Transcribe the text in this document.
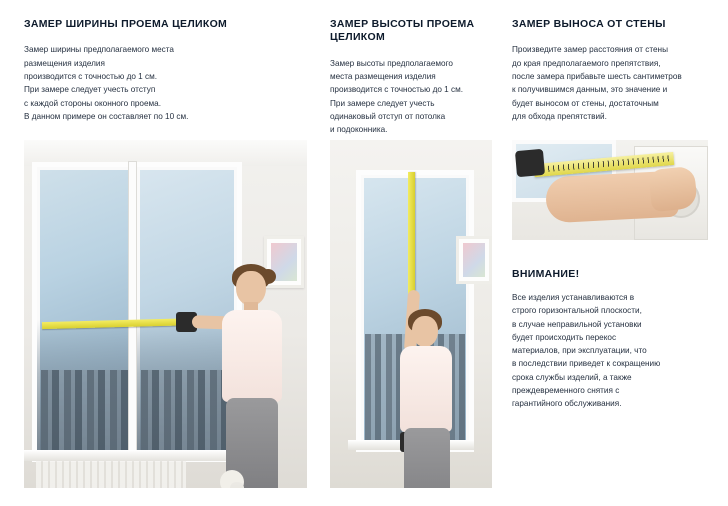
ЗАМЕР ШИРИНЫ ПРОЕМА ЦЕЛИКОМ

Замер ширины предполагаемого места
размещения изделия
производится с точностью до 1 см.
При замере следует учесть отступ
с каждой стороны оконного проема.
В данном примере он составляет по 10 см.

ЗАМЕР ВЫСОТЫ ПРОЕМА ЦЕЛИКОМ

Замер высоты предполагаемого
места размещения изделия
производится с точностью до 1 см.
При замере следует учесть
одинаковый отступ от потолка
и подоконника.

ЗАМЕР ВЫНОСА ОТ СТЕНЫ

Произведите замер расстояния от стены
до края предполагаемого препятствия,
после замера прибавьте шесть сантиметров
к получившимся данным, это значение и
будет выносом от стены, достаточным
для обхода препятствий.

ВНИМАНИЕ!

Все изделия устанавливаются в
строго горизонтальной плоскости,
в случае неправильной установки
будет происходить перекос
материалов, при эксплуатации, что
в последствии приведет к сокращению
срока службы изделий, а также
преждевременного снятия с
гарантийного обслуживания.
